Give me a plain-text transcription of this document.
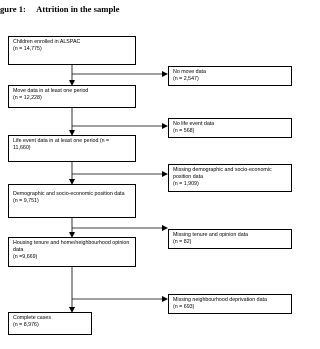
gure 1:     Attrition in the sample
Children enrolled in ALSPAC
(n = 14,775)
Move data in at least one period
(n = 12,228)
Life event data in at least one period (n =
11,660)
Demographic and socio-economic position data
(n = 9,751)
Housing tenure and home/neighbourhood opinion data
(n =9,669)
Complete cases
(n = 8,976)
No move data
(n = 2,547)
No life event data
(n = 568)
Missing demographic and socio-economic position data
(n = 1,909)
Missing tenure and opinion data
(n = 82)
Missing neighbourhood deprivation data
(n = 693)
